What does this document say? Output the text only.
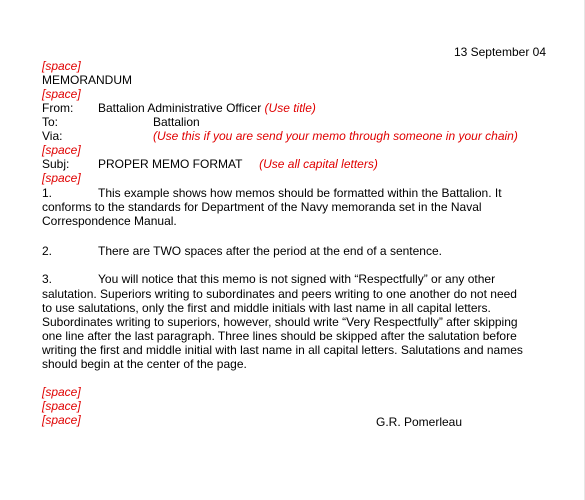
13 September 04
[space]
MEMORANDUM
[space]
From: Battalion Administrative Officer (Use title)
To:	Battalion
Via:	(Use this if you are send your memo through someone in your chain)
[space]
Subj: PROPER MEMO FORMAT (Use all capital letters)
[space]
1.	This example shows how memos should be formatted within the Battalion. It
conforms to the standards for Department of the Navy memoranda set in the Naval
Correspondence Manual.
2.	There are TWO spaces after the period at the end of a sentence.
3.	You will notice that this memo is not signed with “Respectfully” or any other
salutation. Superiors writing to subordinates and peers writing to one another do not need
to use salutations, only the first and middle initials with last name in all capital letters.
Subordinates writing to superiors, however, should write “Very Respectfully” after skipping
one line after the last paragraph. Three lines should be skipped after the salutation before
writing the first and middle initial with last name in all capital letters. Salutations and names
should begin at the center of the page.
[space]
[space]
[space]	G.R. Pomerleau
